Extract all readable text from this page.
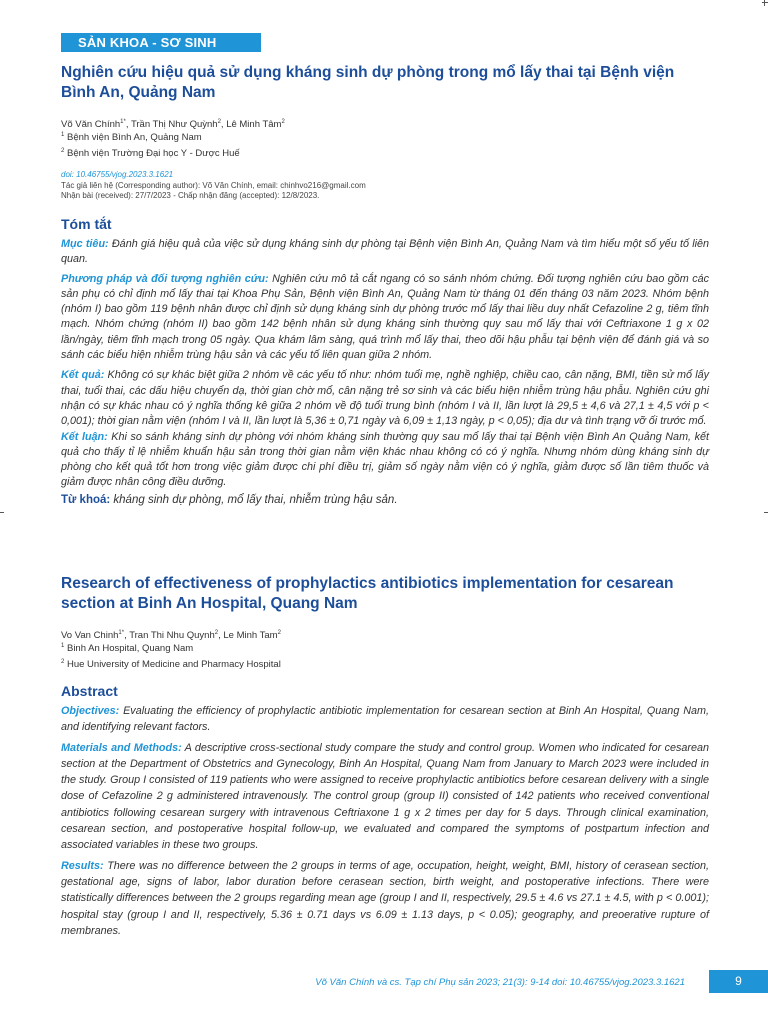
SẢN KHOA - SƠ SINH
Nghiên cứu hiệu quả sử dụng kháng sinh dự phòng trong mổ lấy thai tại Bệnh viện Bình An, Quảng Nam
Võ Văn Chính$^{1*}$, Trần Thị Như Quỳnh$^2$, Lê Minh Tâm$^2$
$^1$ Bệnh viện Bình An, Quảng Nam
$^2$ Bệnh viện Trường Đại học Y - Dược Huế
doi: 10.46755/vjog.2023.3.1621
Tác giả liên hệ (Corresponding author): Võ Văn Chính, email: chinhvo216@gmail.com
Nhận bài (received): 27/7/2023 - Chấp nhận đăng (accepted): 12/8/2023.
Tóm tắt

Mục tiêu: Đánh giá hiệu quả của việc sử dụng kháng sinh dự phòng tại Bệnh viện Bình An, Quảng Nam và tìm hiểu một số yếu tố liên quan.

Phương pháp và đối tượng nghiên cứu: Nghiên cứu mô tả cắt ngang có so sánh nhóm chứng. Đối tượng nghiên cứu bao gồm các sản phụ có chỉ định mổ lấy thai tại Khoa Phụ Sản, Bệnh viện Bình An, Quảng Nam từ tháng 01 đến tháng 03 năm 2023. Nhóm bệnh (nhóm I) bao gồm 119 bệnh nhân được chỉ định sử dụng kháng sinh dự phòng trước mổ lấy thai liều duy nhất Cefazoline 2 g, tiêm tĩnh mạch. Nhóm chứng (nhóm II) bao gồm 142 bệnh nhân sử dụng kháng sinh thường quy sau mổ lấy thai với Ceftriaxone 1 g x 02 lần/ngày, tiêm tĩnh mạch trong 05 ngày. Qua khám lâm sàng, quá trình mổ lấy thai, theo dõi hậu phẫu tại bệnh viện để đánh giá và so sánh các biểu hiện nhiễm trùng hậu sản và các yếu tố liên quan giữa 2 nhóm.

Kết quả: Không có sự khác biệt giữa 2 nhóm về các yếu tố như: nhóm tuổi mẹ, nghề nghiệp, chiều cao, cân nặng, BMI, tiền sử mổ lấy thai, tuổi thai, các dấu hiệu chuyển dạ, thời gian chờ mổ, cân nặng trẻ sơ sinh và các biểu hiện nhiễm trùng hậu phẫu. Nghiên cứu ghi nhận có sự khác nhau có ý nghĩa thống kê giữa 2 nhóm về độ tuổi trung bình (nhóm I và II, lần lượt là 29,5 ± 4,6 và 27,1 ± 4,5 với p < 0,001); thời gian nằm viện (nhóm I và II, lần lượt là 5,36 ± 0,71 ngày và 6,09 ± 1,13 ngày, p < 0,05); địa dư và tình trạng vỡ ối trước mổ.

Kết luận: Khi so sánh kháng sinh dự phòng với nhóm kháng sinh thường quy sau mổ lấy thai tại Bệnh viện Bình An Quảng Nam, kết quả cho thấy tỉ lệ nhiễm khuẩn hậu sản trong thời gian nằm viện khác nhau không có có ý nghĩa. Nhưng nhóm dùng kháng sinh dự phòng cho kết quả tốt hơn trong việc giảm được chi phí điều trị, giảm số ngày nằm viện có ý nghĩa, giảm được số lần tiêm thuốc và giảm được nhân công điều dưỡng.

Từ khoá: kháng sinh dự phòng, mổ lấy thai, nhiễm trùng hậu sản.
Research of effectiveness of prophylactics antibiotics implementation for cesarean section at Binh An Hospital, Quang Nam
Vo Van Chinh$^{1*}$, Tran Thi Nhu Quynh$^2$, Le Minh Tam$^2$
$^1$ Binh An Hospital, Quang Nam
$^2$ Hue University of Medicine and Pharmacy Hospital
Abstract

Objectives: Evaluating the efficiency of prophylactic antibiotic implementation for cesarean section at Binh An Hospital, Quang Nam, and identifying relevant factors.

Materials and Methods: A descriptive cross-sectional study compare the study and control group. Women who indicated for cesarean section at the Department of Obstetrics and Gynecology, Binh An Hospital, Quang Nam from January to March 2023 were included in the study. Group I consisted of 119 patients who were assigned to receive prophylactic antibiotics before cesarean delivery with a single dose of Cefazoline 2 g administered intravenously. The control group (group II) consisted of 142 patients who received conventional antibiotics following cesarean surgery with intravenous Ceftriaxone 1 g x 2 times per day for 5 days. Through clinical examination, cesarean section, and postoperative hospital follow-up, we evaluated and compared the symptoms of postpartum infection and associated variables in these two groups.

Results: There was no difference between the 2 groups in terms of age, occupation, height, weight, BMI, history of cerasean section, gestational age, signs of labor, labor duration before cerasean section, birth weight, and postoperative infections. There were statistically differences between the 2 groups regarding mean age (group I and II, respectively, 29.5 ± 4.6 vs 27.1 ± 4.5, with p < 0.001); hospital stay (group I and II, respectively, 5.36 ± 0.71 days vs 6.09 ± 1.13 days, p < 0.05); geography, and preoerative rupture of membranes.

Võ Văn Chính và cs. Tạp chí Phụ sản 2023; 21(3): 9-14 doi: 10.46755/vjog.2023.3.1621	9
